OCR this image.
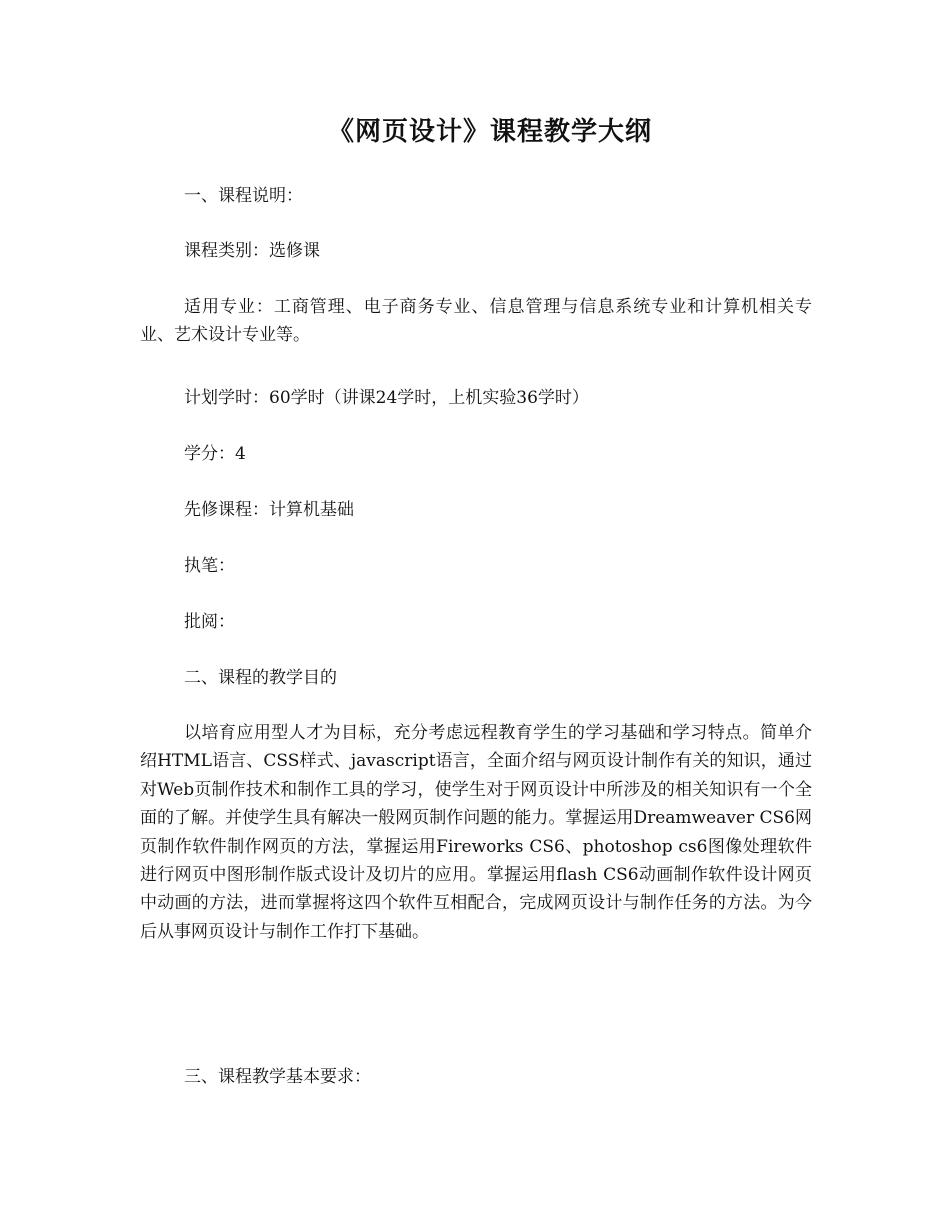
《网页设计》课程教学大纲

一、课程说明：

课程类别：选修课

适用专业：工商管理、电子商务专业、信息管理与信息系统专业和计算机相关专业、艺术设计专业等。

计划学时：60学时（讲课24学时，上机实验36学时）

学分：4

先修课程：计算机基础

执笔：

批阅：

二、课程的教学目的

以培育应用型人才为目标，充分考虑远程教育学生的学习基础和学习特点。简单介绍HTML语言、CSS样式、javascript语言，全面介绍与网页设计制作有关的知识，通过对Web页制作技术和制作工具的学习，使学生对于网页设计中所涉及的相关知识有一个全面的了解。并使学生具有解决一般网页制作问题的能力。掌握运用Dreamweaver CS6网页制作软件制作网页的方法，掌握运用Fireworks CS6、photoshop cs6图像处理软件进行网页中图形制作版式设计及切片的应用。掌握运用flash CS6动画制作软件设计网页中动画的方法，进而掌握将这四个软件互相配合，完成网页设计与制作任务的方法。为今后从事网页设计与制作工作打下基础。

三、课程教学基本要求：
